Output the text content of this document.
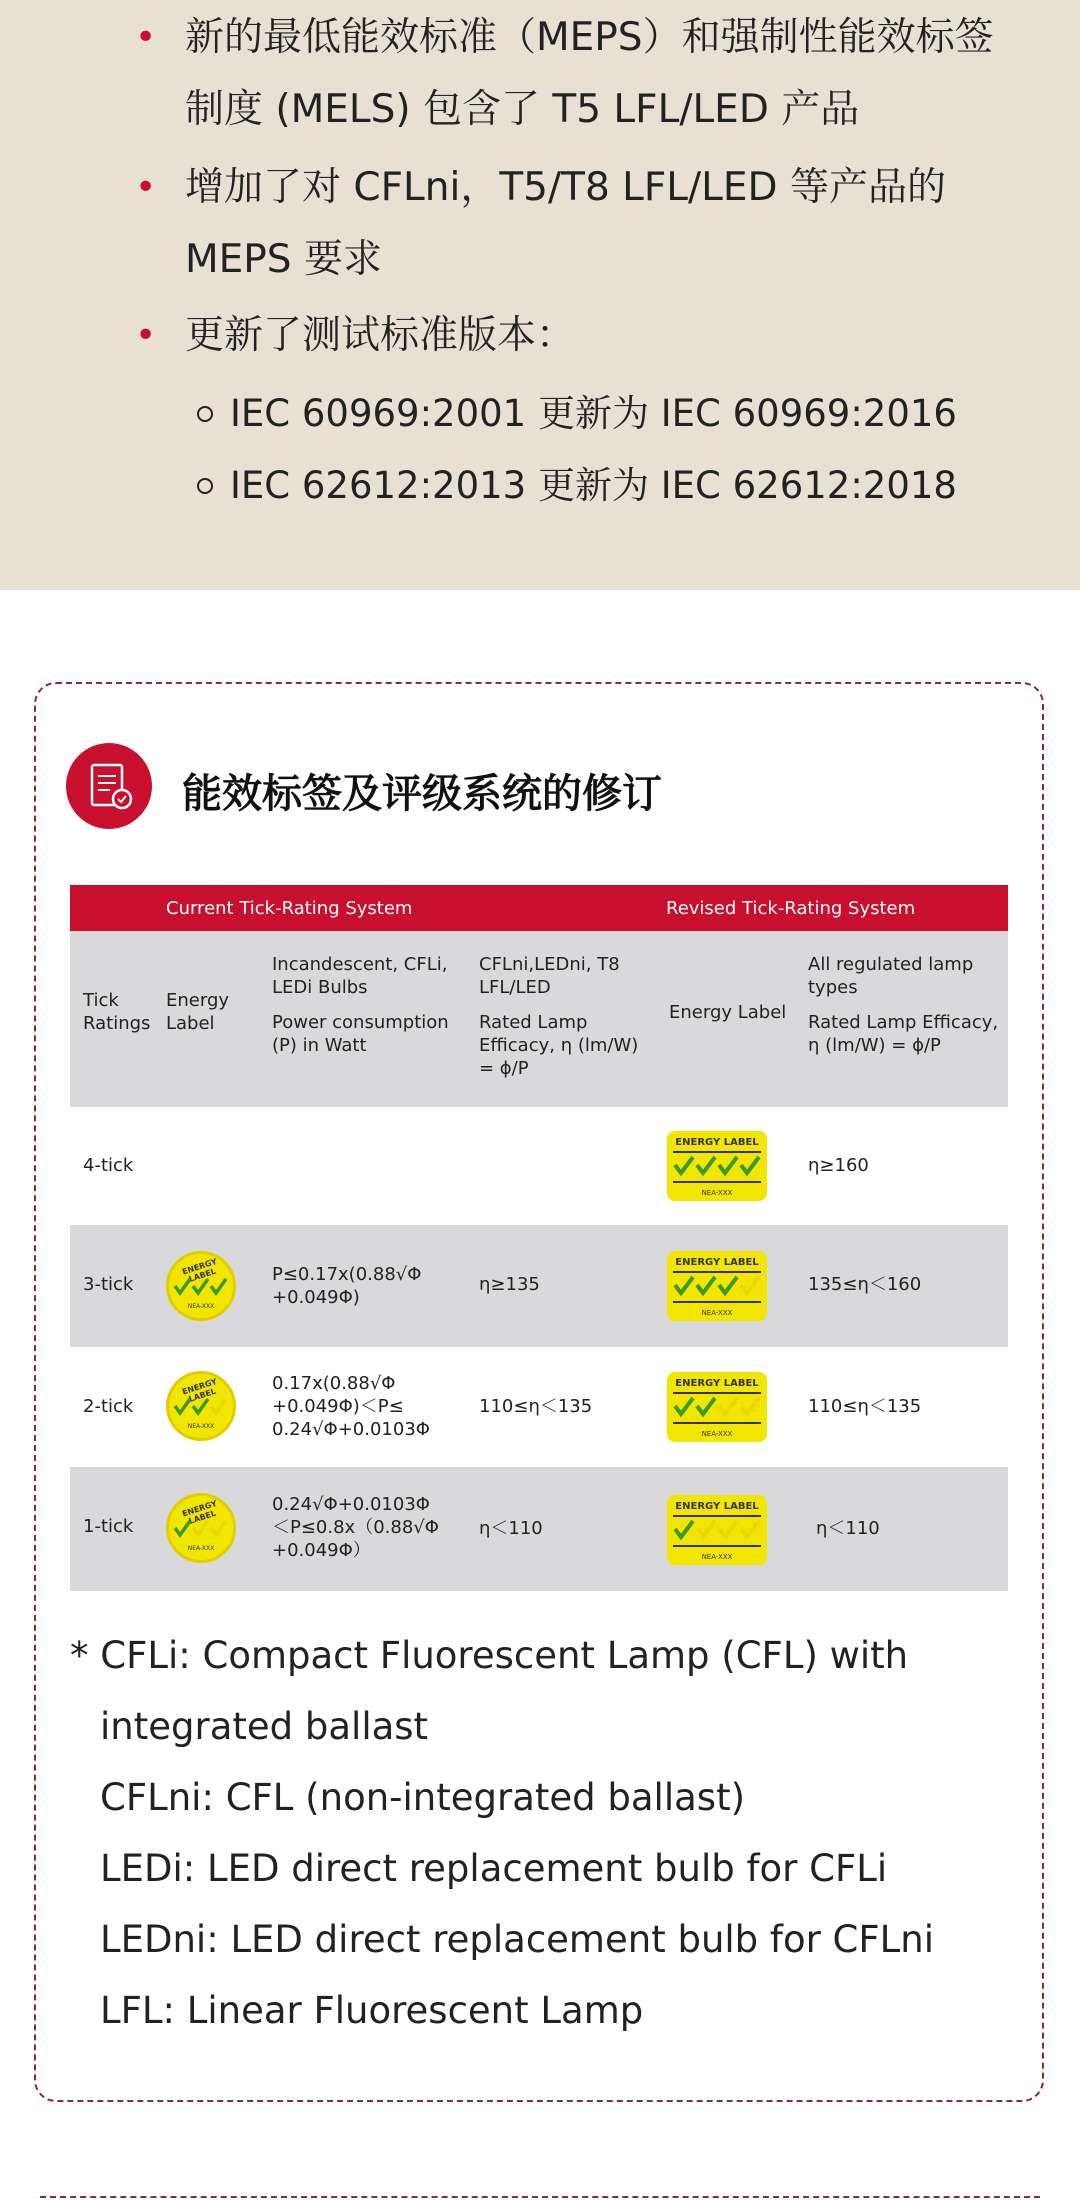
• 新的最低能效标准（MEPS）和强制性能效标签
制度 (MELS) 包含了 T5 LFL/LED 产品
• 增加了对 CFLni，T5/T8 LFL/LED 等产品的
MEPS 要求
• 更新了测试标准版本：
IEC 60969:2001 更新为 IEC 60969:2016
IEC 62612:2013 更新为 IEC 62612:2018
能效标签及评级系统的修订
Current Tick-Rating System	Revised Tick-Rating System
Tick
Ratings
Energy
Label
Incandescent, CFLi,
LEDi Bulbs
Power consumption
(P) in Watt
CFLni,LEDni, T8
LFL/LED
Rated Lamp
Efficacy, η (lm/W)
= ϕ/P
Energy Label
All regulated lamp
types
Rated Lamp Efficacy,
η (lm/W) = ϕ/P
4-tick
ENERGY LABEL
NEA-XXX
η≥160
3-tick
ENERGY LABEL
NEA-XXX
P≤0.17x(0.88√Φ
+0.049Φ)
η≥135
ENERGY LABEL
NEA-XXX
135≤η＜160
2-tick
ENERGY LABEL
NEA-XXX
0.17x(0.88√Φ
+0.049Φ)＜P≤
0.24√Φ+0.0103Φ
110≤η＜135
ENERGY LABEL
NEA-XXX
110≤η＜135
1-tick
ENERGY LABEL
NEA-XXX
0.24√Φ+0.0103Φ
＜P≤0.8x（0.88√Φ
+0.049Φ）
η＜110
ENERGY LABEL
NEA-XXX
η＜110
* CFLi: Compact Fluorescent Lamp (CFL) with
integrated ballast
CFLni: CFL (non-integrated ballast)
LEDi: LED direct replacement bulb for CFLi
LEDni: LED direct replacement bulb for CFLni
LFL: Linear Fluorescent Lamp
